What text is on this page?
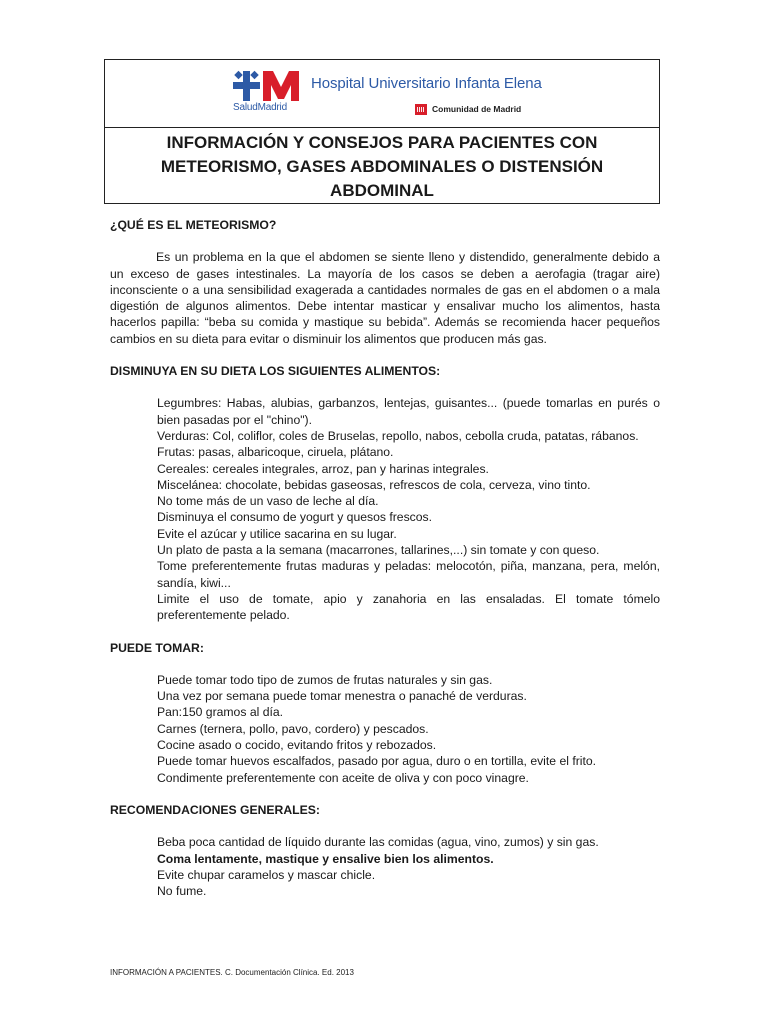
SaludMadrid
Hospital Universitario Infanta Elena
Comunidad de Madrid
INFORMACIÓN Y CONSEJOS PARA PACIENTES CON METEORISMO, GASES ABDOMINALES O DISTENSIÓN ABDOMINAL

¿QUÉ ES EL METEORISMO?

Es un problema en la que el abdomen se siente lleno y distendido, generalmente debido a un exceso de gases intestinales. La mayoría de los casos se deben a aerofagia (tragar aire) inconsciente o a una sensibilidad exagerada a cantidades normales de gas en el abdomen o a mala digestión de algunos alimentos. Debe intentar masticar y ensalivar mucho los alimentos, hasta hacerlos papilla: “beba su comida y mastique su bebida”. Además se recomienda hacer pequeños cambios en su dieta para evitar o disminuir los alimentos que producen más gas.

DISMINUYA EN SU DIETA LOS SIGUIENTES ALIMENTOS:

Legumbres: Habas, alubias, garbanzos, lentejas, guisantes... (puede tomarlas en purés o bien pasadas por el "chino").
Verduras: Col, coliflor, coles de Bruselas, repollo, nabos, cebolla cruda, patatas, rábanos.
Frutas: pasas, albaricoque, ciruela, plátano.
Cereales: cereales integrales, arroz, pan y harinas integrales.
Miscelánea: chocolate, bebidas gaseosas, refrescos de cola, cerveza, vino tinto.
No tome más de un vaso de leche al día.
Disminuya el consumo de yogurt y quesos frescos.
Evite el azúcar y utilice sacarina en su lugar.
Un plato de pasta a la semana (macarrones, tallarines,...) sin tomate y con queso.
Tome preferentemente frutas maduras y peladas: melocotón, piña, manzana, pera, melón, sandía, kiwi...
Limite el uso de tomate, apio y zanahoria en las ensaladas. El tomate tómelo preferentemente pelado.

PUEDE TOMAR:

Puede tomar todo tipo de zumos de frutas naturales y sin gas.
Una vez por semana puede tomar menestra o panaché de verduras.
Pan:150 gramos al día.
Carnes (ternera, pollo, pavo, cordero) y pescados.
Cocine asado o cocido, evitando fritos y rebozados.
Puede tomar huevos escalfados, pasado por agua, duro o en tortilla, evite el frito.
Condimente preferentemente con aceite de oliva y con poco vinagre.

RECOMENDACIONES GENERALES:

Beba poca cantidad de líquido durante las comidas (agua, vino, zumos) y sin gas.
Coma lentamente, mastique y ensalive bien los alimentos.
Evite chupar caramelos y mascar chicle.
No fume.
INFORMACIÓN A PACIENTES. C. Documentación Clínica. Ed. 2013
